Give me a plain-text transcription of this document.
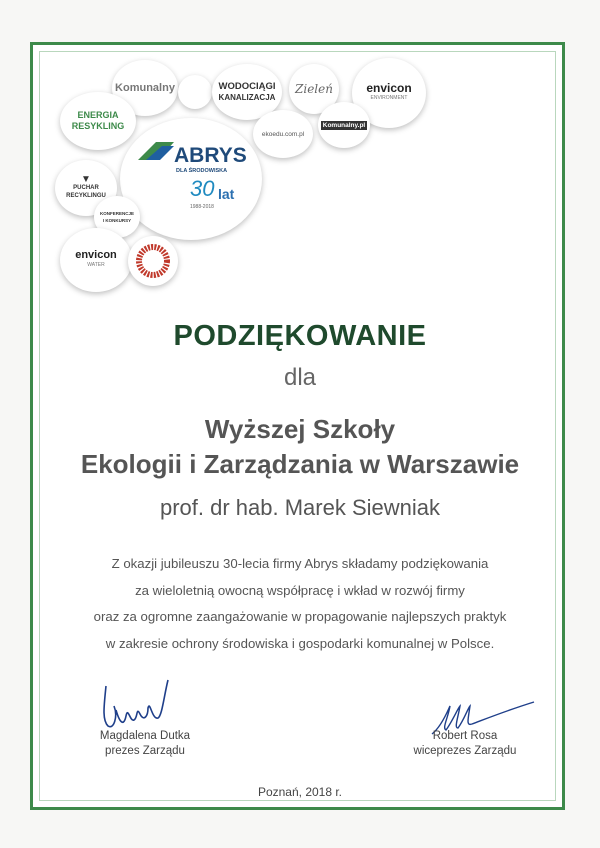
Komunalny	WODOCIĄGI
KANALIZACJA
Zieleń	envicon
ENVIRONMENT
ENERGIA
RESYKLING
ekoedu.com.pl
Komunalny.pl
ABRYS
DLA ŚRODOWISKA
30 lat
1988-2018
▼
PUCHAR
RECYKLINGU
KONFERENCJE
I KONKURSY
envicon
WATER
PODZIĘKOWANIE
dla
Wyższej Szkoły
Ekologii i Zarządzania w Warszawie
prof. dr hab. Marek Siewniak
Z okazji jubileuszu 30-lecia firmy Abrys składamy podziękowania
za wieloletnią owocną współpracę i wkład w rozwój firmy
oraz za ogromne zaangażowanie w propagowanie najlepszych praktyk
w zakresie ochrony środowiska i gospodarki komunalnej w Polsce.
Magdalena Dutka
prezes Zarządu
Robert Rosa
wiceprezes Zarządu
Poznań, 2018 r.
